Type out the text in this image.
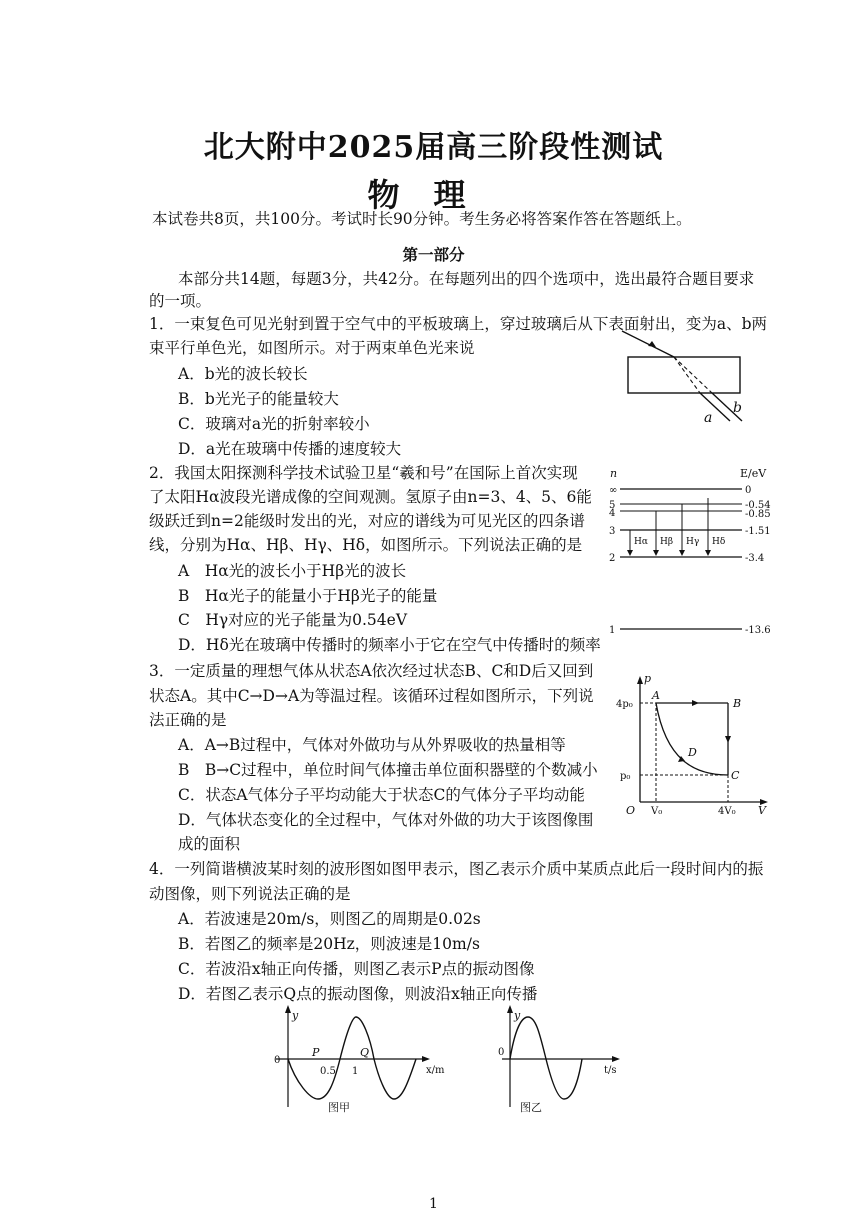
北大附中2025届高三阶段性测试
物理
本试卷共8页，共100分。考试时长90分钟。考生务必将答案作答在答题纸上。
第一部分
本部分共14题，每题3分，共42分。在每题列出的四个选项中，选出最符合题目要求
的一项。
1．一束复色可见光射到置于空气中的平板玻璃上，穿过玻璃后从下表面射出，变为a、b两
束平行单色光，如图所示。对于两束单色光来说
A．b光的波长较长
B．b光光子的能量较大
C．玻璃对a光的折射率较小
D．a光在玻璃中传播的速度较大
a
b
2．我国太阳探测科学技术试验卫星“羲和号”在国际上首次实现
了太阳Hα波段光谱成像的空间观测。氢原子由n=3、4、5、6能
级跃迁到n=2能级时发出的光，对应的谱线为可见光区的四条谱
线，分别为Hα、Hβ、Hγ、Hδ，如图所示。下列说法正确的是
A　Hα光的波长小于Hβ光的波长
B　Hα光子的能量小于Hβ光子的能量
C　Hγ对应的光子能量为0.54eV
D．Hδ光在玻璃中传播时的频率小于它在空气中传播时的频率
n	E/eV
∞
5
4
3
2
1
0
-0.54
-0.85
-1.51
-3.4
-13.6
Hα Hβ Hγ Hδ
3．一定质量的理想气体从状态A依次经过状态B、C和D后又回到
状态A。其中C→D→A为等温过程。该循环过程如图所示，下列说
法正确的是
A．A→B过程中，气体对外做功与从外界吸收的热量相等
B　B→C过程中，单位时间气体撞击单位面积器壁的个数减小
C．状态A气体分子平均动能大于状态C的气体分子平均动能
D．气体状态变化的全过程中，气体对外做的功大于该图像围
成的面积
p
V
O
4p₀
p₀
V₀	4V₀
A
B
C
D
4．一列简谐横波某时刻的波形图如图甲表示，图乙表示介质中某质点此后一段时间内的振
动图像，则下列说法正确的是
A．若波速是20m/s，则图乙的周期是0.02s
B．若图乙的频率是20Hz，则波速是10m/s
C．若波沿x轴正向传播，则图乙表示P点的振动图像
D．若图乙表示Q点的振动图像，则波沿x轴正向传播
y
0
x/m
0.5 1
P	Q
图甲
y
0
t/s
图乙
1
